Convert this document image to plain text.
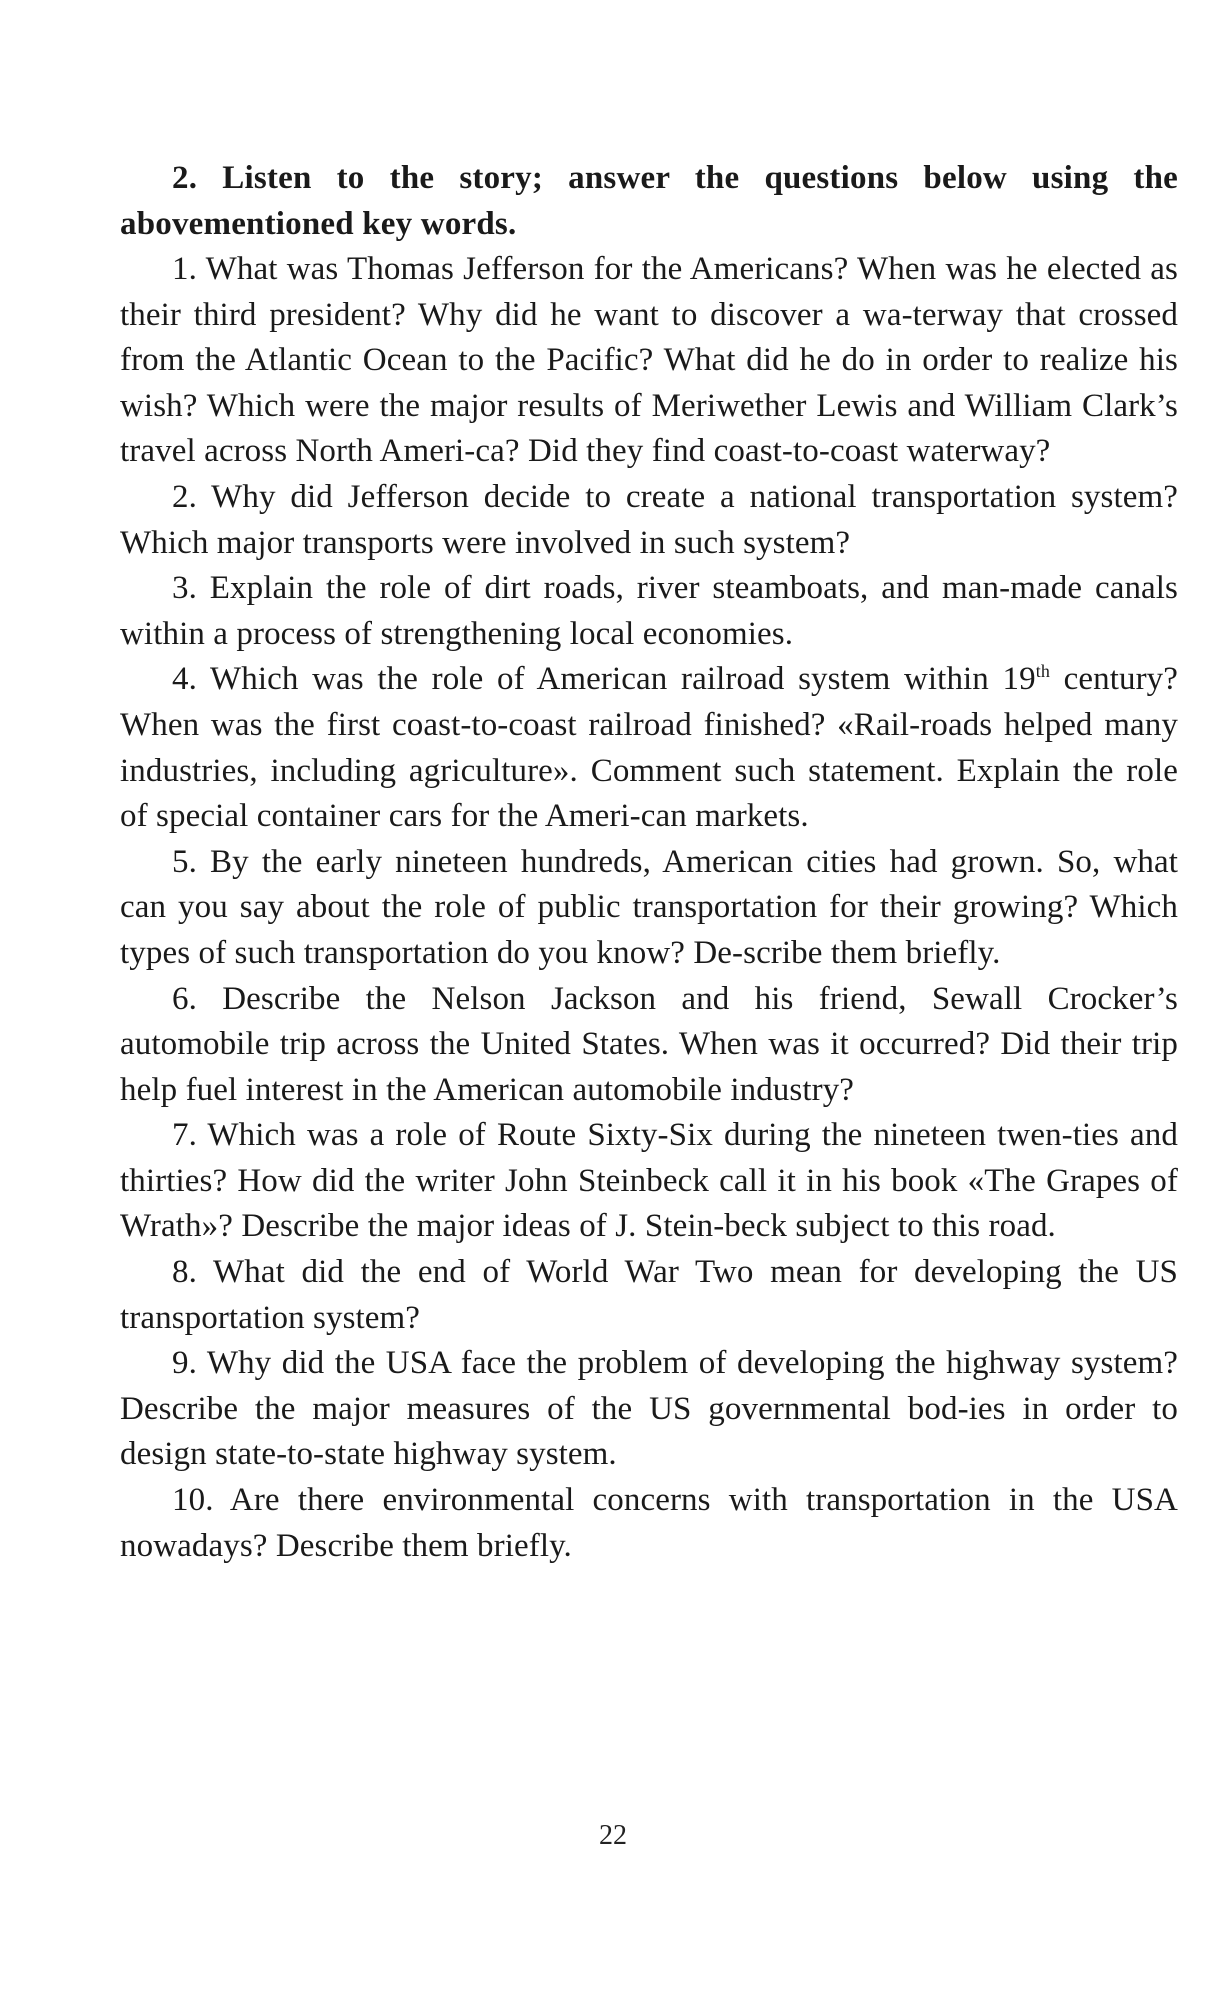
2. Listen to the story; answer the questions below using the abovementioned key words.

1. What was Thomas Jefferson for the Americans? When was he elected as their third president? Why did he want to discover a wa-terway that crossed from the Atlantic Ocean to the Pacific? What did he do in order to realize his wish? Which were the major results of Meriwether Lewis and William Clark’s travel across North Ameri-ca? Did they find coast-to-coast waterway?

2. Why did Jefferson decide to create a national transportation system? Which major transports were involved in such system?

3. Explain the role of dirt roads, river steamboats, and man-made canals within a process of strengthening local economies.

4. Which was the role of American railroad system within 19th century? When was the first coast-to-coast railroad finished? «Rail-roads helped many industries, including agriculture». Comment such statement. Explain the role of special container cars for the Ameri-can markets.

5. By the early nineteen hundreds, American cities had grown. So, what can you say about the role of public transportation for their growing? Which types of such transportation do you know? De-scribe them briefly.

6. Describe the Nelson Jackson and his friend, Sewall Crocker’s automobile trip across the United States. When was it occurred? Did their trip help fuel interest in the American automobile industry?

7. Which was a role of Route Sixty-Six during the nineteen twen-ties and thirties? How did the writer John Steinbeck call it in his book «The Grapes of Wrath»? Describe the major ideas of J. Stein-beck subject to this road.

8. What did the end of World War Two mean for developing the US transportation system?

9. Why did the USA face the problem of developing the highway system? Describe the major measures of the US governmental bod-ies in order to design state-to-state highway system.

10. Are there environmental concerns with transportation in the USA nowadays? Describe them briefly.

22
